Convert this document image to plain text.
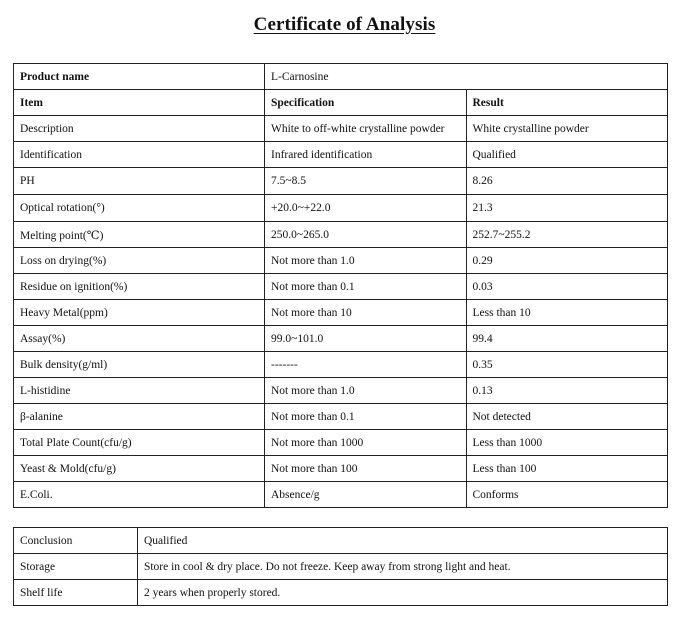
Certificate of Analysis
Product name	L-Carnosine	
Item	Specification	Result
Description	White to off-white crystalline powder	White crystalline powder
Identification	Infrared identification	Qualified
PH	7.5~8.5	8.26
Optical rotation(°)	+20.0~+22.0	21.3
Melting point(℃)	250.0~265.0	252.7~255.2
Loss on drying(%)	Not more than 1.0	0.29
Residue on ignition(%)	Not more than 0.1	0.03
Heavy Metal(ppm)	Not more than 10	Less than 10
Assay(%)	99.0~101.0	99.4
Bulk density(g/ml)	-------	0.35
L-histidine	Not more than 1.0	0.13
β-alanine	Not more than 0.1	Not detected
Total Plate Count(cfu/g)	Not more than 1000	Less than 1000
Yeast & Mold(cfu/g)	Not more than 100	Less than 100
E.Coli.	Absence/g	Conforms
Conclusion	Qualified
Storage	Store in cool & dry place. Do not freeze. Keep away from strong light and heat.
Shelf life	2 years when properly stored.
